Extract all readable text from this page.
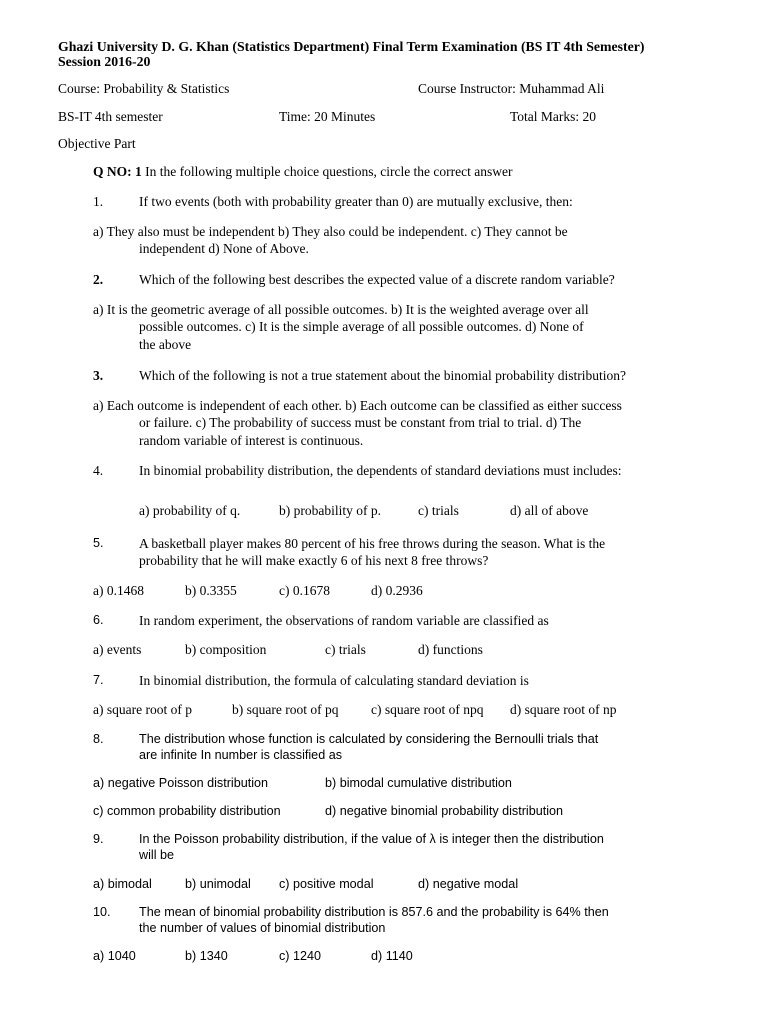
Ghazi University D. G. Khan (Statistics Department) Final Term Examination (BS IT 4th Semester)
Session 2016-20
Course: Probability & Statistics	Course Instructor: Muhammad Ali
BS-IT 4th semester	Time: 20 Minutes	Total Marks: 20
Objective Part
Q NO: 1 In the following multiple choice questions, circle the correct answer
1.	If two events (both with probability greater than 0) are mutually exclusive, then:
a) They also must be independent b) They also could be independent. c) They cannot be
independent d) None of Above.
2.	Which of the following best describes the expected value of a discrete random variable?
a) It is the geometric average of all possible outcomes. b) It is the weighted average over all
possible outcomes. c) It is the simple average of all possible outcomes. d) None of
the above
3.	Which of the following is not a true statement about the binomial probability distribution?
a) Each outcome is independent of each other. b) Each outcome can be classified as either success
or failure. c) The probability of success must be constant from trial to trial. d) The
random variable of interest is continuous.
4.	In binomial probability distribution, the dependents of standard deviations must includes:
a) probability of q.	b) probability of p.	c) trials	d) all of above
5.	A basketball player makes 80 percent of his free throws during the season. What is the
probability that he will make exactly 6 of his next 8 free throws?
a) 0.1468	b) 0.3355	c) 0.1678	d) 0.2936
6.	In random experiment, the observations of random variable are classified as
a) events	b) composition	c) trials	d) functions
7.	In binomial distribution, the formula of calculating standard deviation is
a) square root of p	b) square root of pq c) square root of npq d) square root of np
8.	The distribution whose function is calculated by considering the Bernoulli trials that
are infinite In number is classified as
a) negative Poisson distribution	b) bimodal cumulative distribution
c) common probability distribution	d) negative binomial probability distribution
9.	In the Poisson probability distribution, if the value of λ is integer then the distribution
will be
a) bimodal	b) unimodal c) positive modal	d) negative modal
10. The mean of binomial probability distribution is 857.6 and the probability is 64% then
the number of values of binomial distribution
a) 1040	b) 1340	c) 1240	d) 1140
